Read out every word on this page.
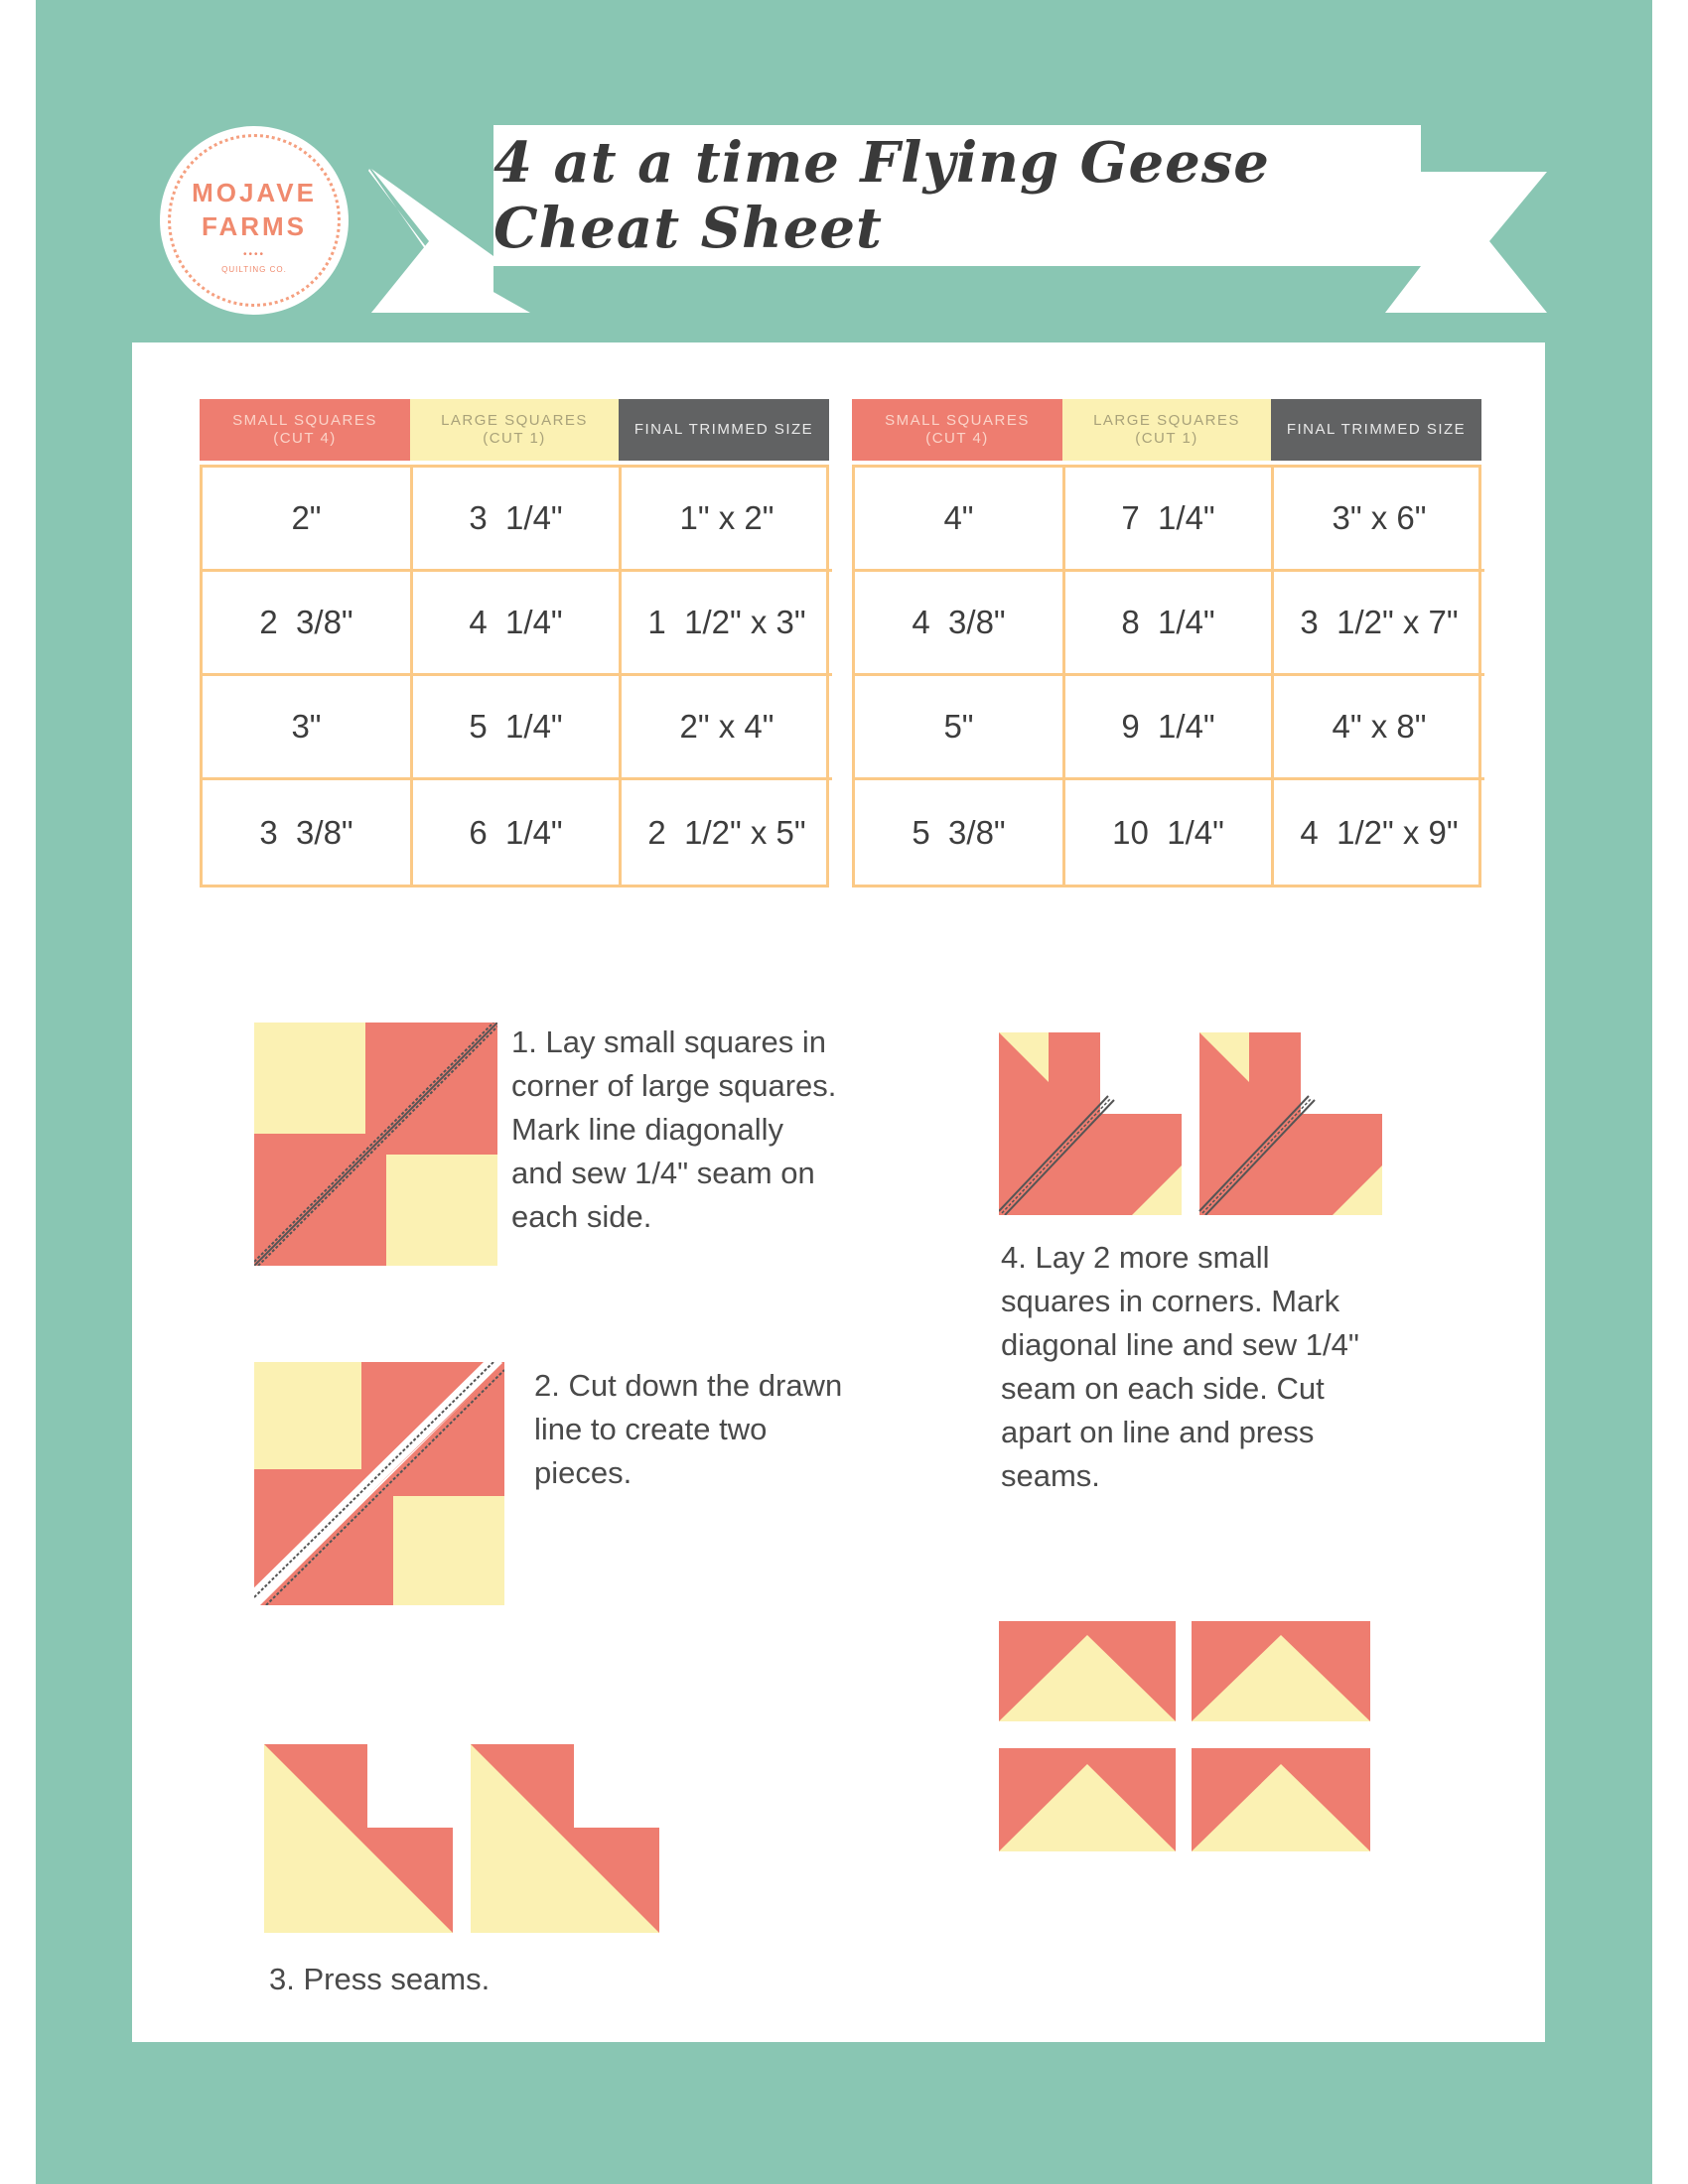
4 at a time Flying Geese Cheat Sheet
MOJAVE
FARMS
••••
QUILTING CO.
SMALL SQUARES
(CUT 4)
LARGE SQUARES
(CUT 1)
FINAL TRIMMED SIZE
2"	3  1/4"	1" x 2"
2  3/8"	4  1/4"	1  1/2" x 3"
3"	5  1/4"	2" x 4"
3  3/8"	6  1/4"	2  1/2" x 5"
SMALL SQUARES
(CUT 4)
LARGE SQUARES
(CUT 1)
FINAL TRIMMED SIZE
4"	7  1/4"	3" x 6"
4  3/8"	8  1/4"	3  1/2" x 7"
5"	9  1/4"	4" x 8"
5  3/8"	10  1/4"	4  1/2" x 9"
1. Lay small squares in
corner of large squares.
Mark line diagonally
and sew 1/4" seam on
each side.
2. Cut down the drawn
line to create two
pieces.
3. Press seams.
4. Lay 2 more small
squares in corners. Mark
diagonal line and sew 1/4"
seam on each side. Cut
apart on line and press
seams.
